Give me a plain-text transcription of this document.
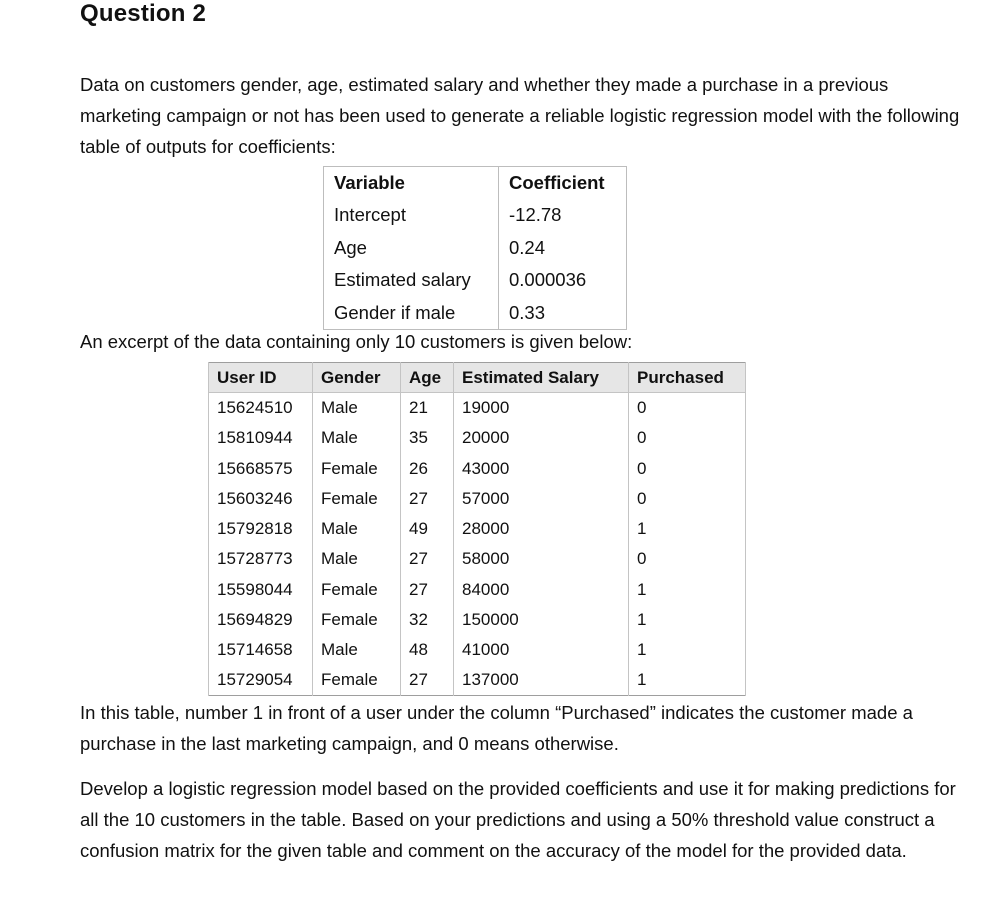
Question 2
Data on customers gender, age, estimated salary and whether they made a purchase in a previous marketing campaign or not has been used to generate a reliable logistic regression model with the following table of outputs for coefficients:
Variable	Coefficient
Intercept	-12.78
Age	0.24
Estimated salary	0.000036
Gender if male	0.33
An excerpt of the data containing only 10 customers is given below:
User ID	Gender	Age	Estimated Salary	Purchased
15624510	Male	21	19000	0
15810944	Male	35	20000	0
15668575	Female	26	43000	0
15603246	Female	27	57000	0
15792818	Male	49	28000	1
15728773	Male	27	58000	0
15598044	Female	27	84000	1
15694829	Female	32	150000	1
15714658	Male	48	41000	1
15729054	Female	27	137000	1
In this table, number 1 in front of a user under the column “Purchased” indicates the customer made a purchase in the last marketing campaign, and 0 means otherwise.
Develop a logistic regression model based on the provided coefficients and use it for making predictions for all the 10 customers in the table. Based on your predictions and using a 50% threshold value construct a confusion matrix for the given table and comment on the accuracy of the model for the provided data.
